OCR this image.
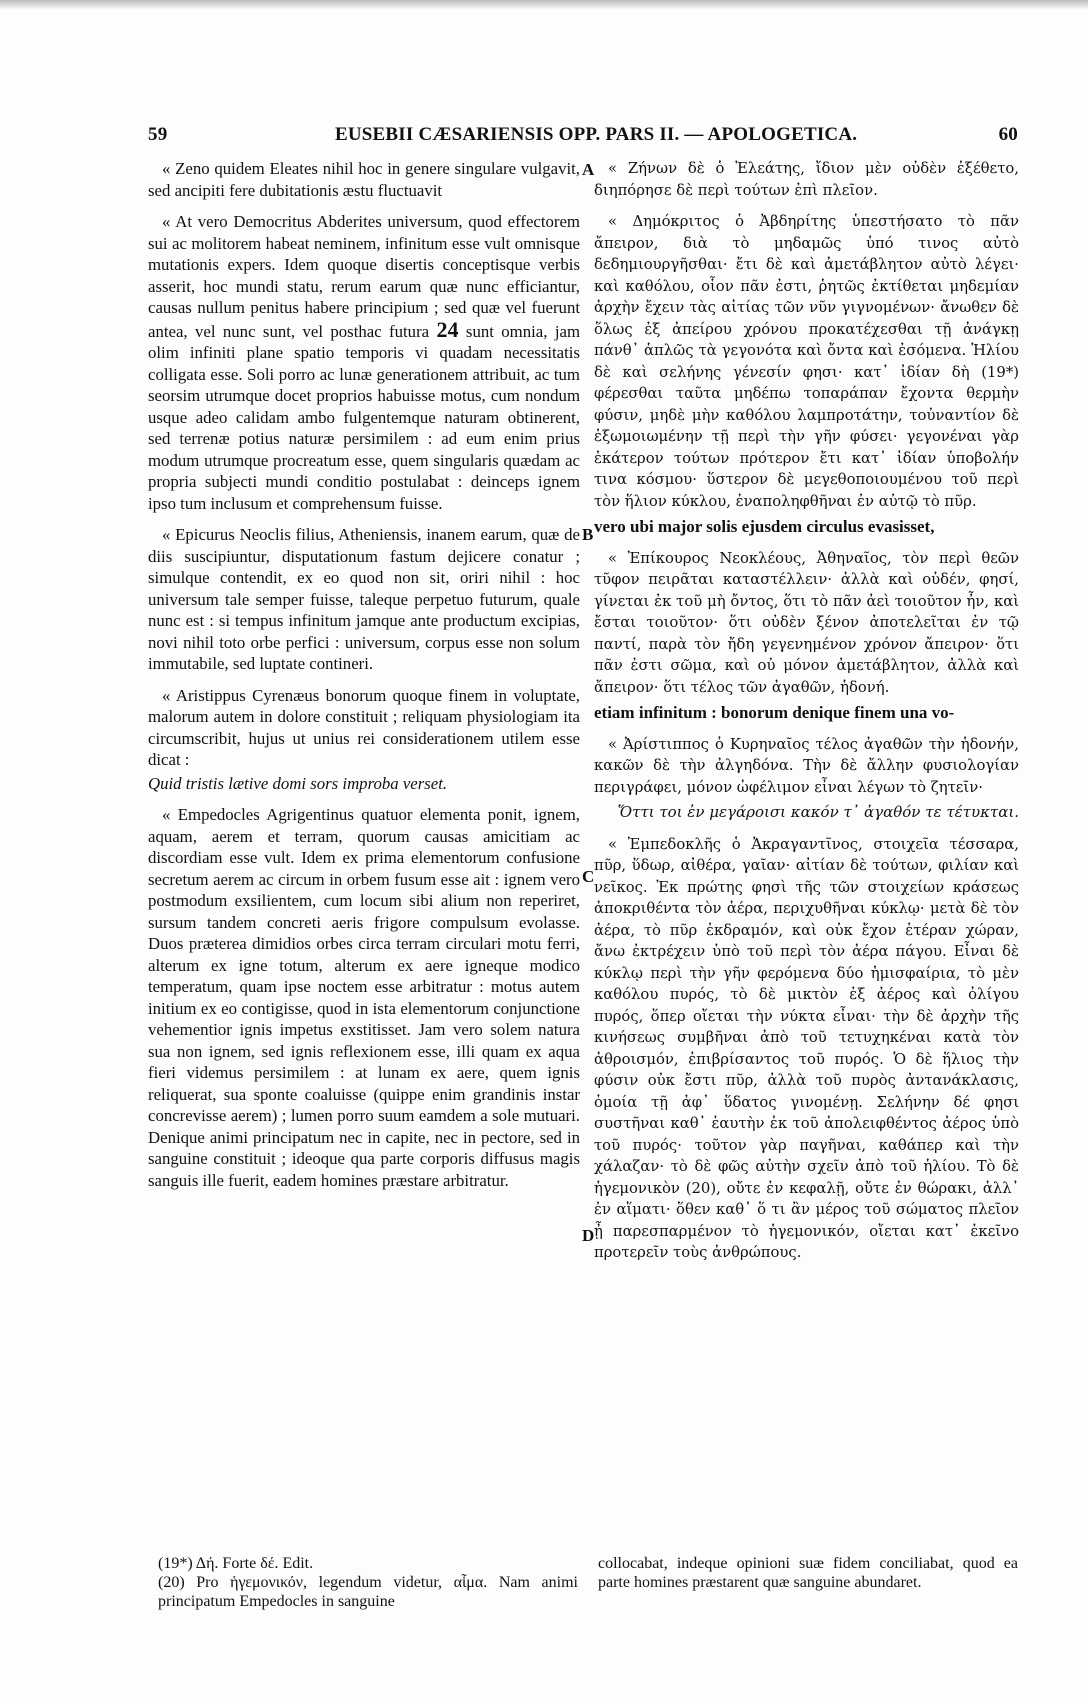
59	EUSEBII CÆSARIENSIS OPP. PARS II. — APOLOGETICA.	60

« Zeno quidem Eleates nihil hoc in genere singulare vulgavit, sed ancipiti fere dubitationis æstu fluctuavit

« At vero Democritus Abderites universum, quod effectorem sui ac molitorem habeat neminem, infinitum esse vult omnisque mutationis expers. Idem quoque disertis conceptisque verbis asserit, hoc mundi statu, rerum earum quæ nunc efficiantur, causas nullum penitus habere principium ; sed quæ vel fuerunt antea, vel nunc sunt, vel posthac futura 24 sunt omnia, jam olim infiniti plane spatio temporis vi quadam necessitatis colligata esse. Soli porro ac lunæ generationem attribuit, ac tum seorsim utrumque docet proprios habuisse motus, cum nondum usque adeo calidam ambo fulgentemque naturam obtinerent, sed terrenæ potius naturæ persimilem : ad eum enim prius modum utrumque procreatum esse, quem singularis quædam ac propria subjecti mundi conditio postulabat : deinceps ignem ipso tum inclusum et comprehensum fuisse.

« Epicurus Neoclis filius, Atheniensis, inanem earum, quæ de diis suscipiuntur, disputationum fastum dejicere conatur ; simulque contendit, ex eo quod non sit, oriri nihil : hoc universum tale semper fuisse, taleque perpetuo futurum, quale nunc est : si tempus infinitum jamque ante productum excipias, novi nihil toto orbe perfici : universum, corpus esse non solum immutabile, sed luptate contineri.

« Aristippus Cyrenæus bonorum quoque finem in voluptate, malorum autem in dolore constituit ; reliquam physiologiam ita circumscribit, hujus ut unius rei considerationem utilem esse dicat :

Quid tristis lætive domi sors improba verset.

« Empedocles Agrigentinus quatuor elementa ponit, ignem, aquam, aerem et terram, quorum causas amicitiam ac discordiam esse vult. Idem ex prima elementorum confusione secretum aerem ac circum in orbem fusum esse ait : ignem vero postmodum exsilientem, cum locum sibi alium non reperiret, sursum tandem concreti aeris frigore compulsum evolasse. Duos præterea dimidios orbes circa terram circulari motu ferri, alterum ex igne totum, alterum ex aere igneque modico temperatum, quam ipse noctem esse arbitratur : motus autem initium ex eo contigisse, quod in ista elementorum conjunctione vehementior ignis impetus exstitisset. Jam vero solem natura sua non ignem, sed ignis reflexionem esse, illi quam ex aqua fieri videmus persimilem : at lunam ex aere, quem ignis reliquerat, sua sponte coaluisse (quippe enim grandinis instar concrevisse aerem) ; lumen porro suum eamdem a sole mutuari. Denique animi principatum nec in capite, nec in pectore, sed in sanguine constituit ; ideoque qua parte corporis diffusus magis sanguis ille fuerit, eadem homines præstare arbitratur.

« Ζήνων δὲ ὁ Ἐλεάτης, ἴδιον μὲν οὐδὲν ἐξέθετο, διηπόρησε δὲ περὶ τούτων ἐπὶ πλεῖον.

« Δημόκριτος ὁ Ἀβδηρίτης ὑπεστήσατο τὸ πᾶν ἄπειρον, διὰ τὸ μηδαμῶς ὑπό τινος αὐτὸ δεδημιουργῆσθαι· ἔτι δὲ καὶ ἀμετάβλητον αὐτὸ λέγει· καὶ καθόλου, οἷον πᾶν ἐστι, ῥητῶς ἐκτίθεται μηδεμίαν ἀρχὴν ἔχειν τὰς αἰτίας τῶν νῦν γιγνομένων· ἄνωθεν δὲ ὅλως ἐξ ἀπείρου χρόνου προκατέχεσθαι τῇ ἀνάγκῃ πάνθ᾽ ἁπλῶς τὰ γεγονότα καὶ ὄντα καὶ ἐσόμενα. Ἡλίου δὲ καὶ σελήνης γένεσίν φησι· κατ᾽ ἰδίαν δὴ (19*) φέρεσθαι ταῦτα μηδέπω τοπαράπαν ἔχοντα θερμὴν φύσιν, μηδὲ μὴν καθόλου λαμπροτάτην, τοὐναντίον δὲ ἐξωμοιωμένην τῇ περὶ τὴν γῆν φύσει· γεγονέναι γὰρ ἑκάτερον τούτων πρότερον ἔτι κατ᾽ ἰδίαν ὑποβολήν τινα κόσμου· ὕστερον δὲ μεγεθοποιουμένου τοῦ περὶ τὸν ἥλιον κύκλου, ἐναποληφθῆναι ἐν αὐτῷ τὸ πῦρ.

vero ubi major solis ejusdem circulus evasisset,

« Ἐπίκουρος Νεοκλέους, Ἀθηναῖος, τὸν περὶ θεῶν τῦφον πειρᾶται καταστέλλειν· ἀλλὰ καὶ οὐδέν, φησί, γίνεται ἐκ τοῦ μὴ ὄντος, ὅτι τὸ πᾶν ἀεὶ τοιοῦτον ἦν, καὶ ἔσται τοιοῦτον· ὅτι οὐδὲν ξένον ἀποτελεῖται ἐν τῷ παντί, παρὰ τὸν ἤδη γεγενημένον χρόνον ἄπειρον· ὅτι πᾶν ἐστι σῶμα, καὶ οὐ μόνον ἀμετάβλητον, ἀλλὰ καὶ ἄπειρον· ὅτι τέλος τῶν ἀγαθῶν, ἡδονή.

etiam infinitum : bonorum denique finem una vo-

« Ἀρίστιππος ὁ Κυρηναῖος τέλος ἀγαθῶν τὴν ἡδονήν, κακῶν δὲ τὴν ἀλγηδόνα. Τὴν δὲ ἄλλην φυσιολογίαν περιγράφει, μόνον ὠφέλιμον εἶναι λέγων τὸ ζητεῖν·

Ὅττι τοι ἐν μεγάροισι κακόν τ᾽ ἀγαθόν τε τέτυκται.

« Ἐμπεδοκλῆς ὁ Ἀκραγαντῖνος, στοιχεῖα τέσσαρα, πῦρ, ὕδωρ, αἰθέρα, γαῖαν· αἰτίαν δὲ τούτων, φιλίαν καὶ νεῖκος. Ἐκ πρώτης φησὶ τῆς τῶν στοιχείων κράσεως ἀποκριθέντα τὸν ἀέρα, περιχυθῆναι κύκλῳ· μετὰ δὲ τὸν ἀέρα, τὸ πῦρ ἐκδραμόν, καὶ οὐκ ἔχον ἑτέραν χώραν, ἄνω ἐκτρέχειν ὑπὸ τοῦ περὶ τὸν ἀέρα πάγου. Εἶναι δὲ κύκλῳ περὶ τὴν γῆν φερόμενα δύο ἡμισφαίρια, τὸ μὲν καθόλου πυρός, τὸ δὲ μικτὸν ἐξ ἀέρος καὶ ὀλίγου πυρός, ὅπερ οἴεται τὴν νύκτα εἶναι· τὴν δὲ ἀρχὴν τῆς κινήσεως συμβῆναι ἀπὸ τοῦ τετυχηκέναι κατὰ τὸν ἀθροισμόν, ἐπιβρίσαντος τοῦ πυρός. Ὁ δὲ ἥλιος τὴν φύσιν οὐκ ἔστι πῦρ, ἀλλὰ τοῦ πυρὸς ἀντανάκλασις, ὁμοία τῇ ἀφ᾽ ὕδατος γινομένῃ. Σελήνην δέ φησι συστῆναι καθ᾽ ἑαυτὴν ἐκ τοῦ ἀπολειφθέντος ἀέρος ὑπὸ τοῦ πυρός· τοῦτον γὰρ παγῆναι, καθάπερ καὶ τὴν χάλαζαν· τὸ δὲ φῶς αὐτὴν σχεῖν ἀπὸ τοῦ ἡλίου. Τὸ δὲ ἡγεμονικὸν (20), οὔτε ἐν κεφαλῇ, οὔτε ἐν θώρακι, ἀλλ᾽ ἐν αἵματι· ὅθεν καθ᾽ ὅ τι ἂν μέρος τοῦ σώματος πλεῖον ᾖ παρεσπαρμένον τὸ ἡγεμονικόν, οἴεται κατ᾽ ἐκεῖνο προτερεῖν τοὺς ἀνθρώπους.

A
B
C
D

(19*) Δή. Forte δέ. Edit.

(20) Pro ἡγεμονικόν, legendum videtur, αἷμα. Nam animi principatum Empedocles in sanguine

collocabat, indeque opinioni suæ fidem conciliabat, quod ea parte homines præstarent quæ sanguine abundaret.
